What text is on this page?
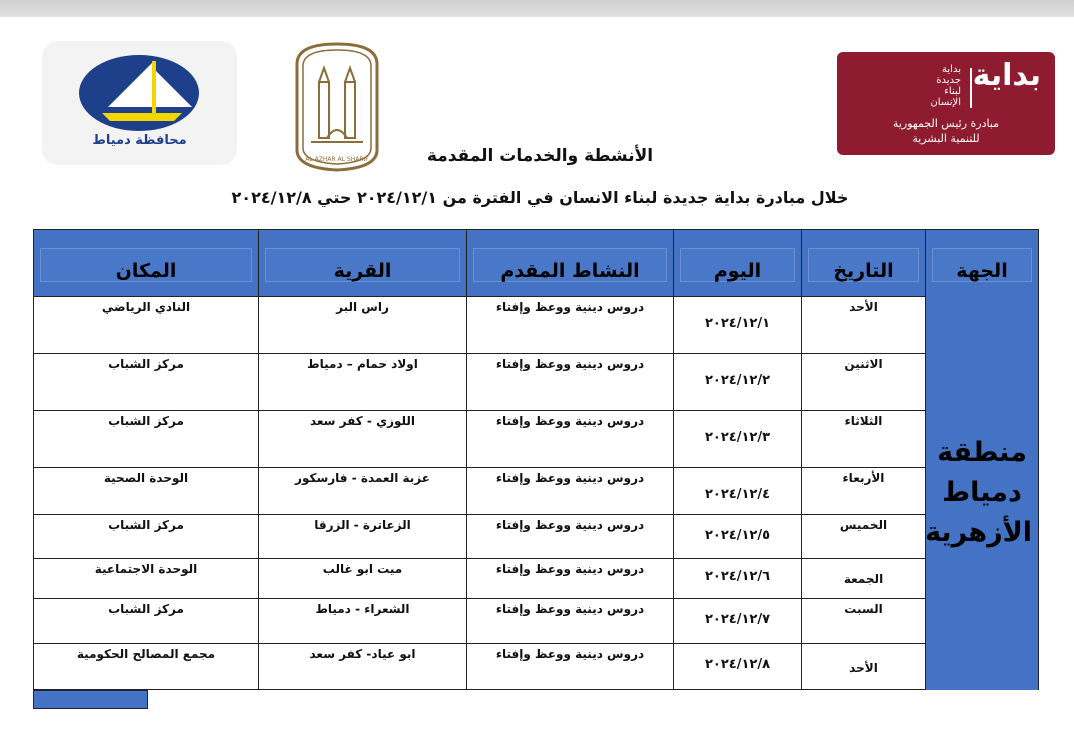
محافظة دمياط
AL AZHAR AL SHARIF
بداية
بداية
جديدة
لبناء
الإنسان
مبادرة رئيس الجمهورية
للتنمية البشرية
الأنشطة والخدمات المقدمة
خلال مبادرة بداية جديدة لبناء الانسان في الفترة من ٢٠٢٤/١٢/١ حتي ٢٠٢٤/١٢/٨
الجهة
التاريخ
اليوم
النشاط المقدم
القرية
المكان
الأحد
٢٠٢٤/١٢/١
دروس دينية ووعظ وإفتاء
راس البر
النادي الرياضي
الاثنين
٢٠٢٤/١٢/٢
دروس دينية ووعظ وإفتاء
اولاد حمام – دمياط
مركز الشباب
الثلاثاء
٢٠٢٤/١٢/٣
دروس دينية ووعظ وإفتاء
اللوزي - كفر سعد
مركز الشباب
الأربعاء
٢٠٢٤/١٢/٤
دروس دينية ووعظ وإفتاء
عزبة العمدة - فارسكور
الوحدة الصحية
الخميس
٢٠٢٤/١٢/٥
دروس دينية ووعظ وإفتاء
الزعاترة - الزرقا
مركز الشباب
الجمعة
٢٠٢٤/١٢/٦
دروس دينية ووعظ وإفتاء
ميت ابو غالب
الوحدة الاجتماعية
السبت
٢٠٢٤/١٢/٧
دروس دينية ووعظ وإفتاء
الشعراء - دمياط
مركز الشباب
الأحد
٢٠٢٤/١٢/٨
دروس دينية ووعظ وإفتاء
ابو عياد- كفر سعد
مجمع المصالح الحكومية
منطقة
دمياط
الأزهرية
